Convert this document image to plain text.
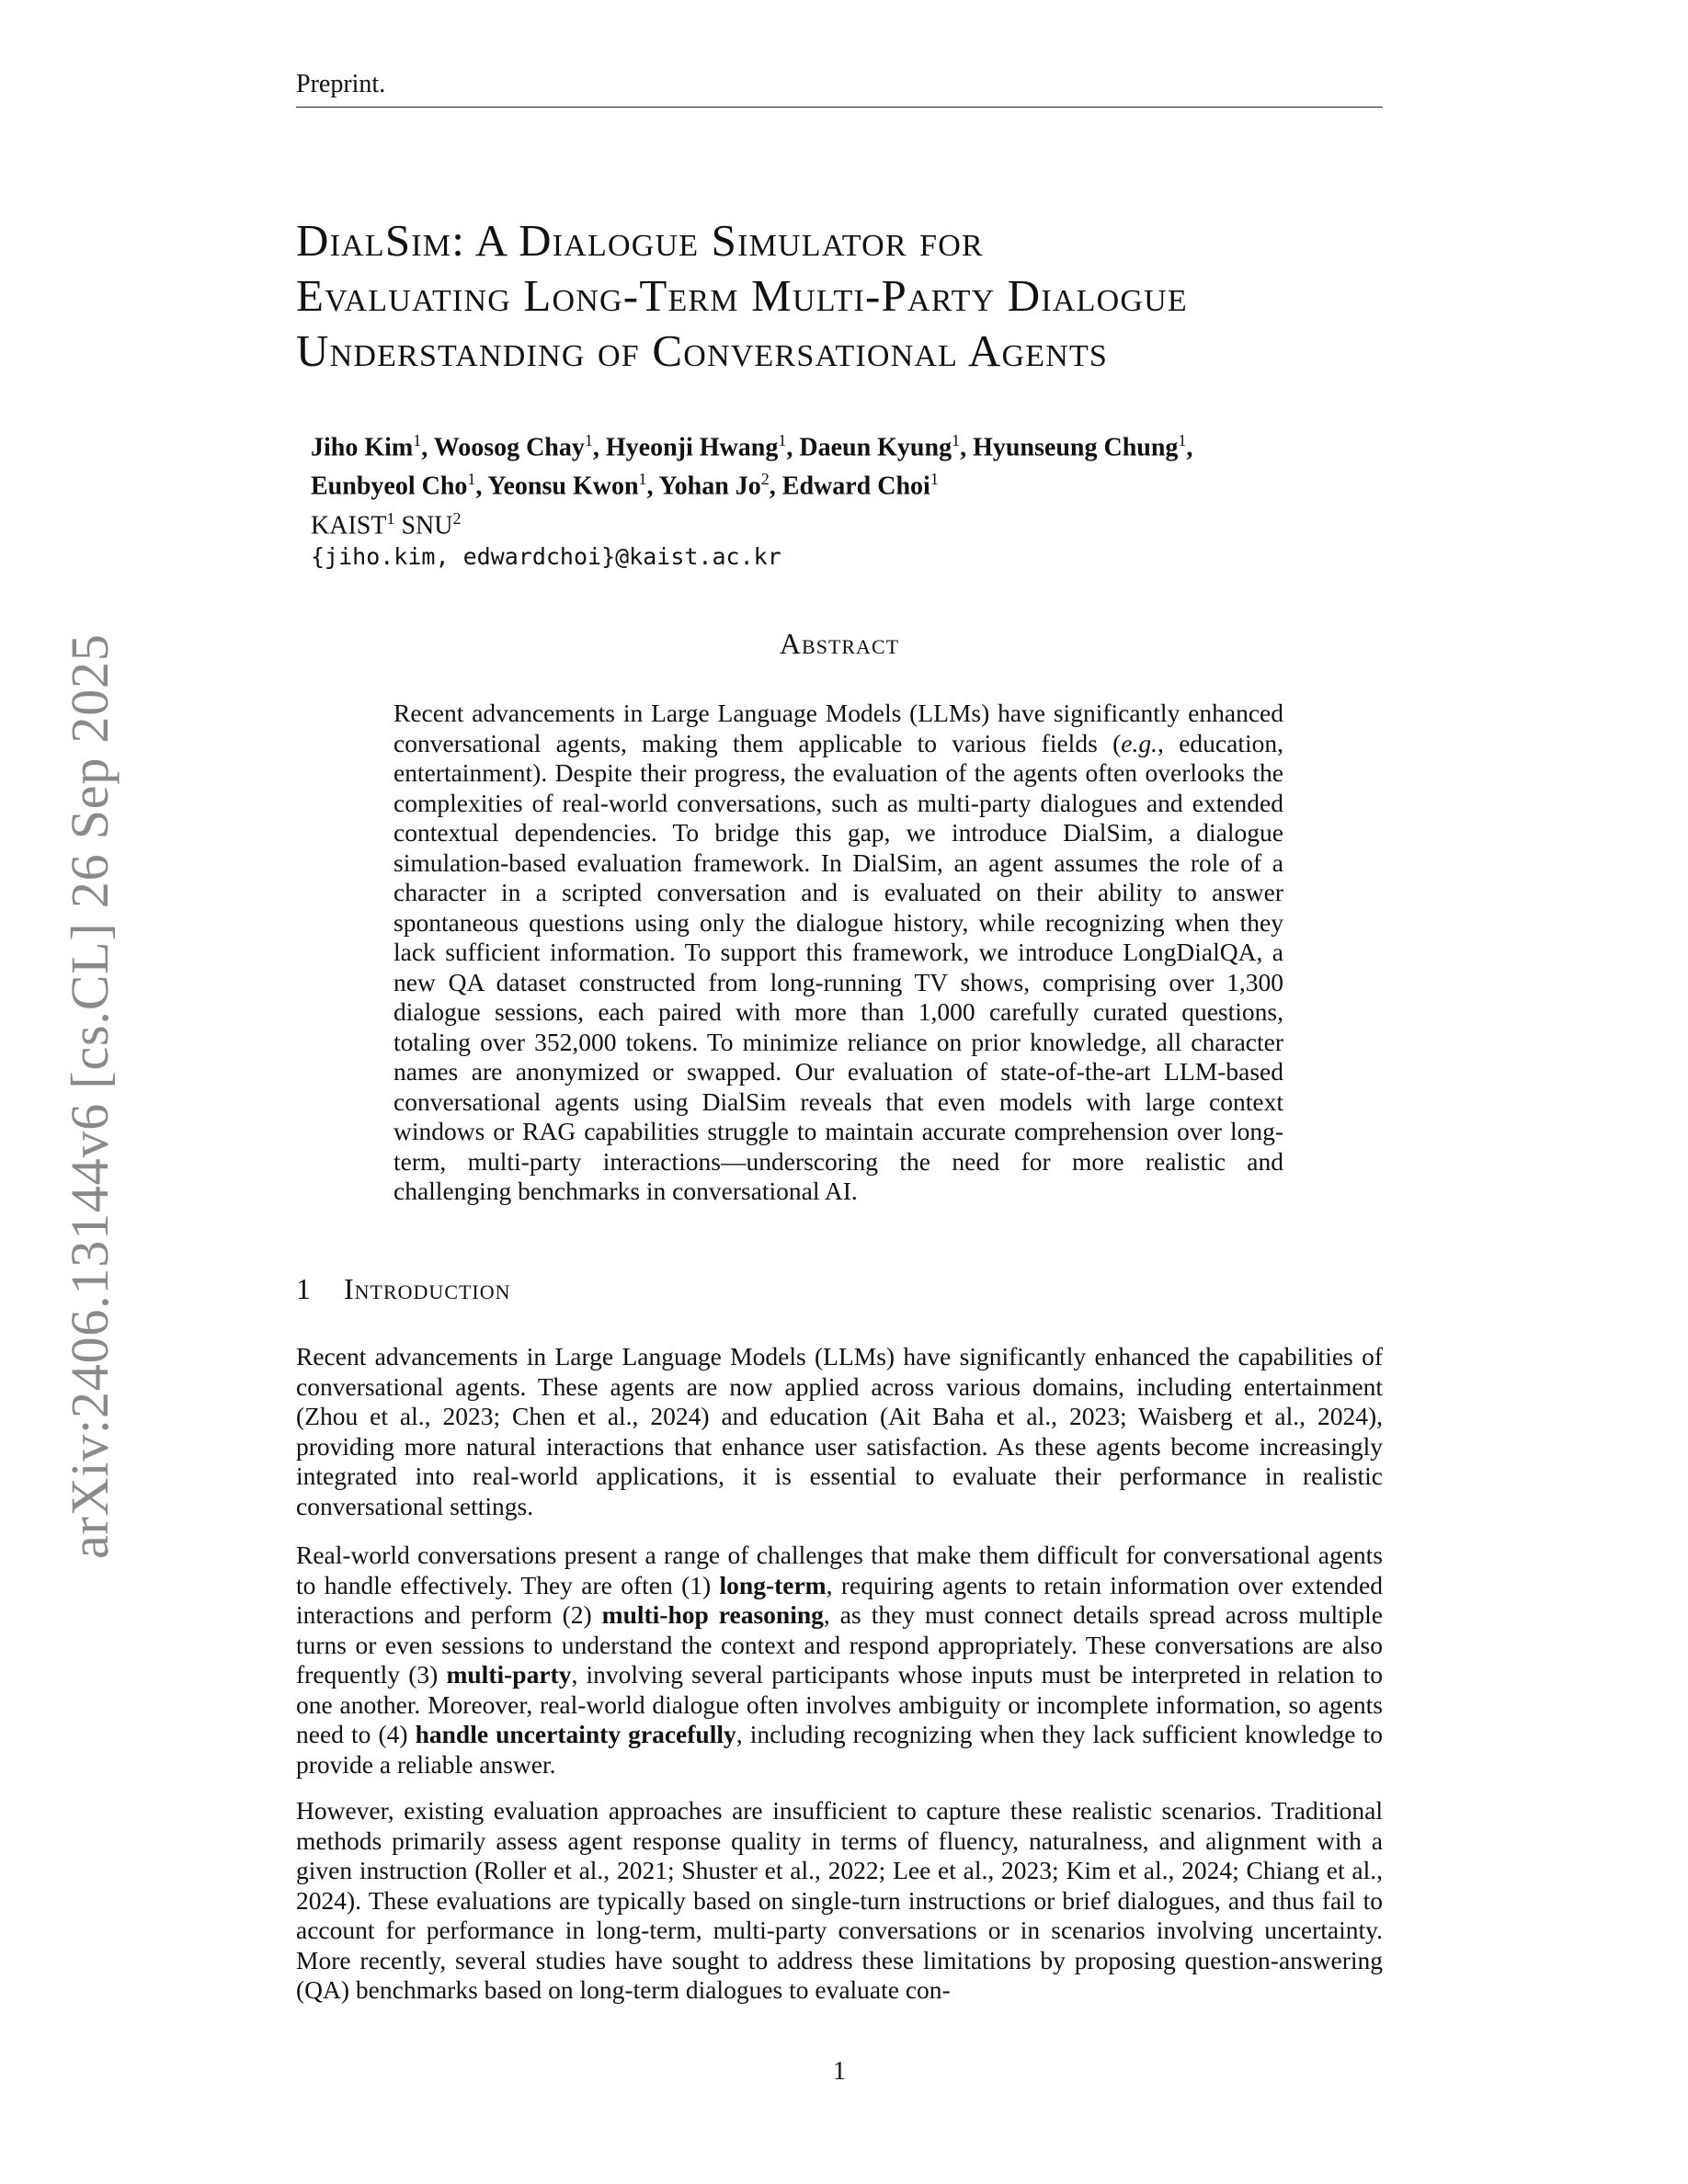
Preprint.
arXiv:2406.13144v6 [cs.CL] 26 Sep 2025
DialSim: A Dialogue Simulator for
Evaluating Long-Term Multi-Party Dialogue
Understanding of Conversational Agents
Jiho Kim$^1$, Woosog Chay$^1$, Hyeonji Hwang$^1$, Daeun Kyung$^1$, Hyunseung Chung$^1$,
Eunbyeol Cho$^1$, Yeonsu Kwon$^1$, Yohan Jo$^2$, Edward Choi$^1$
KAIST$^1$ SNU$^2$
{jiho.kim, edwardchoi}@kaist.ac.kr
Abstract
Recent advancements in Large Language Models (LLMs) have significantly enhanced conversational agents, making them applicable to various fields (e.g., education, entertainment). Despite their progress, the evaluation of the agents often overlooks the complexities of real-world conversations, such as multi-party dialogues and extended contextual dependencies. To bridge this gap, we introduce DialSim, a dialogue simulation-based evaluation framework. In DialSim, an agent assumes the role of a character in a scripted conversation and is evaluated on their ability to answer spontaneous questions using only the dialogue history, while recognizing when they lack sufficient information. To support this framework, we introduce LongDialQA, a new QA dataset constructed from long-running TV shows, comprising over 1,300 dialogue sessions, each paired with more than 1,000 carefully curated questions, totaling over 352,000 tokens. To minimize reliance on prior knowledge, all character names are anonymized or swapped. Our evaluation of state-of-the-art LLM-based conversational agents using DialSim reveals that even models with large context windows or RAG capabilities struggle to maintain accurate comprehension over long-term, multi-party interactions—underscoring the need for more realistic and challenging benchmarks in conversational AI.
1 Introduction
Recent advancements in Large Language Models (LLMs) have significantly enhanced the capabilities of conversational agents. These agents are now applied across various domains, including entertainment (Zhou et al., 2023; Chen et al., 2024) and education (Ait Baha et al., 2023; Waisberg et al., 2024), providing more natural interactions that enhance user satisfaction. As these agents become increasingly integrated into real-world applications, it is essential to evaluate their performance in realistic conversational settings.
Real-world conversations present a range of challenges that make them difficult for conversational agents to handle effectively. They are often (1) long-term, requiring agents to retain information over extended interactions and perform (2) multi-hop reasoning, as they must connect details spread across multiple turns or even sessions to understand the context and respond appropriately. These conversations are also frequently (3) multi-party, involving several participants whose inputs must be interpreted in relation to one another. Moreover, real-world dialogue often involves ambiguity or incomplete information, so agents need to (4) handle uncertainty gracefully, including recognizing when they lack sufficient knowledge to provide a reliable answer.
However, existing evaluation approaches are insufficient to capture these realistic scenarios. Traditional methods primarily assess agent response quality in terms of fluency, naturalness, and alignment with a given instruction (Roller et al., 2021; Shuster et al., 2022; Lee et al., 2023; Kim et al., 2024; Chiang et al., 2024). These evaluations are typically based on single-turn instructions or brief dialogues, and thus fail to account for performance in long-term, multi-party conversations or in scenarios involving uncertainty. More recently, several studies have sought to address these limitations by proposing question-answering (QA) benchmarks based on long-term dialogues to evaluate con-
1
